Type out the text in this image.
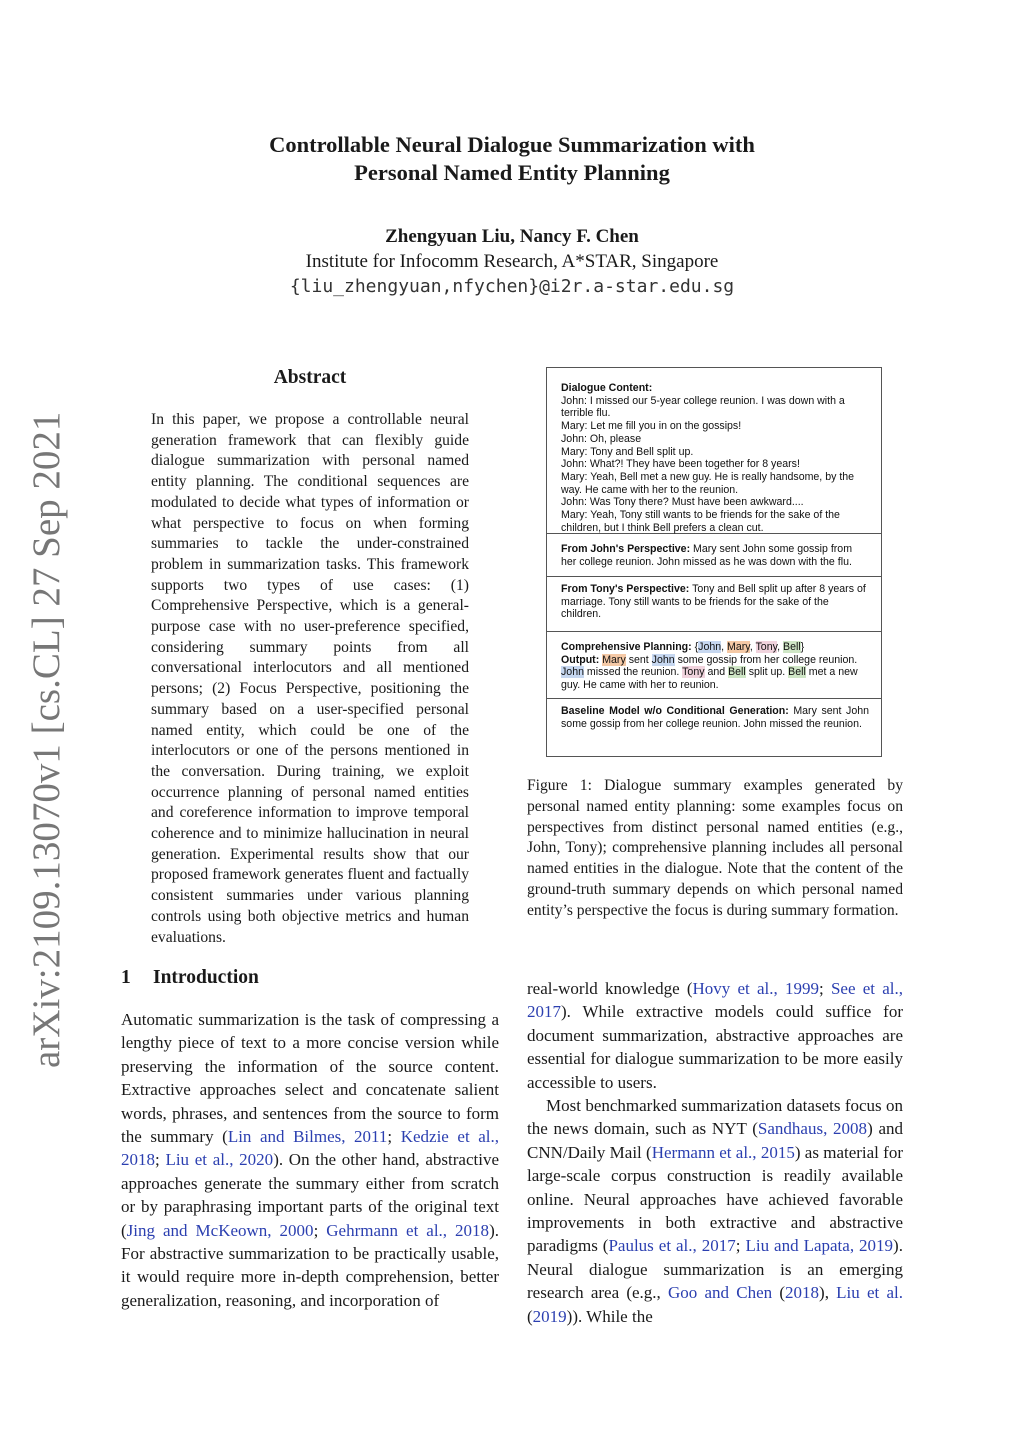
Controllable Neural Dialogue Summarization with
Personal Named Entity Planning
Zhengyuan Liu, Nancy F. Chen
Institute for Infocomm Research, A*STAR, Singapore
{liu_zhengyuan,nfychen}@i2r.a-star.edu.sg
arXiv:2109.13070v1 [cs.CL] 27 Sep 2021
Abstract
In this paper, we propose a controllable neural generation framework that can flexibly guide dialogue summarization with personal named entity planning. The conditional sequences are modulated to decide what types of information or what perspective to focus on when forming summaries to tackle the under-constrained problem in summarization tasks. This framework supports two types of use cases: (1) Comprehensive Perspective, which is a general-purpose case with no user-preference specified, considering summary points from all conversational interlocutors and all mentioned persons; (2) Focus Perspective, positioning the summary based on a user-specified personal named entity, which could be one of the interlocutors or one of the persons mentioned in the conversation. During training, we exploit occurrence planning of personal named entities and coreference information to improve temporal coherence and to minimize hallucination in neural generation. Experimental results show that our proposed framework generates fluent and factually consistent summaries under various planning controls using both objective metrics and human evaluations.
1 Introduction
Automatic summarization is the task of compressing a lengthy piece of text to a more concise version while preserving the information of the source content. Extractive approaches select and concatenate salient words, phrases, and sentences from the source to form the summary (Lin and Bilmes, 2011; Kedzie et al., 2018; Liu et al., 2020). On the other hand, abstractive approaches generate the summary either from scratch or by paraphrasing important parts of the original text (Jing and McKeown, 2000; Gehrmann et al., 2018). For abstractive summarization to be practically usable, it would require more in-depth comprehension, better generalization, reasoning, and incorporation of
Dialogue Content:
John: I missed our 5-year college reunion. I was down with a terrible flu.
Mary: Let me fill you in on the gossips!
John: Oh, please
Mary: Tony and Bell split up.
John: What?! They have been together for 8 years!
Mary: Yeah, Bell met a new guy. He is really handsome, by the way. He came with her to the reunion.
John: Was Tony there? Must have been awkward....
Mary: Yeah, Tony still wants to be friends for the sake of the children, but I think Bell prefers a clean cut.
From John's Perspective: Mary sent John some gossip from her college reunion. John missed as he was down with the flu.
From Tony's Perspective: Tony and Bell split up after 8 years of marriage. Tony still wants to be friends for the sake of the children.
Comprehensive Planning: {John, Mary, Tony, Bell}
Output: Mary sent John some gossip from her college reunion. John missed the reunion. Tony and Bell split up. Bell met a new guy. He came with her to reunion.
Baseline Model w/o Conditional Generation: Mary sent John some gossip from her college reunion. John missed the reunion.
Figure 1: Dialogue summary examples generated by personal named entity planning: some examples focus on perspectives from distinct personal named entities (e.g., John, Tony); comprehensive planning includes all personal named entities in the dialogue. Note that the content of the ground-truth summary depends on which personal named entity’s perspective the focus is during summary formation.

real-world knowledge (Hovy et al., 1999; See et al., 2017). While extractive models could suffice for document summarization, abstractive approaches are essential for dialogue summarization to be more easily accessible to users.

Most benchmarked summarization datasets focus on the news domain, such as NYT (Sandhaus, 2008) and CNN/Daily Mail (Hermann et al., 2015) as material for large-scale corpus construction is readily available online. Neural approaches have achieved favorable improvements in both extractive and abstractive paradigms (Paulus et al., 2017; Liu and Lapata, 2019). Neural dialogue summarization is an emerging research area (e.g., Goo and Chen (2018), Liu et al. (2019)). While the
